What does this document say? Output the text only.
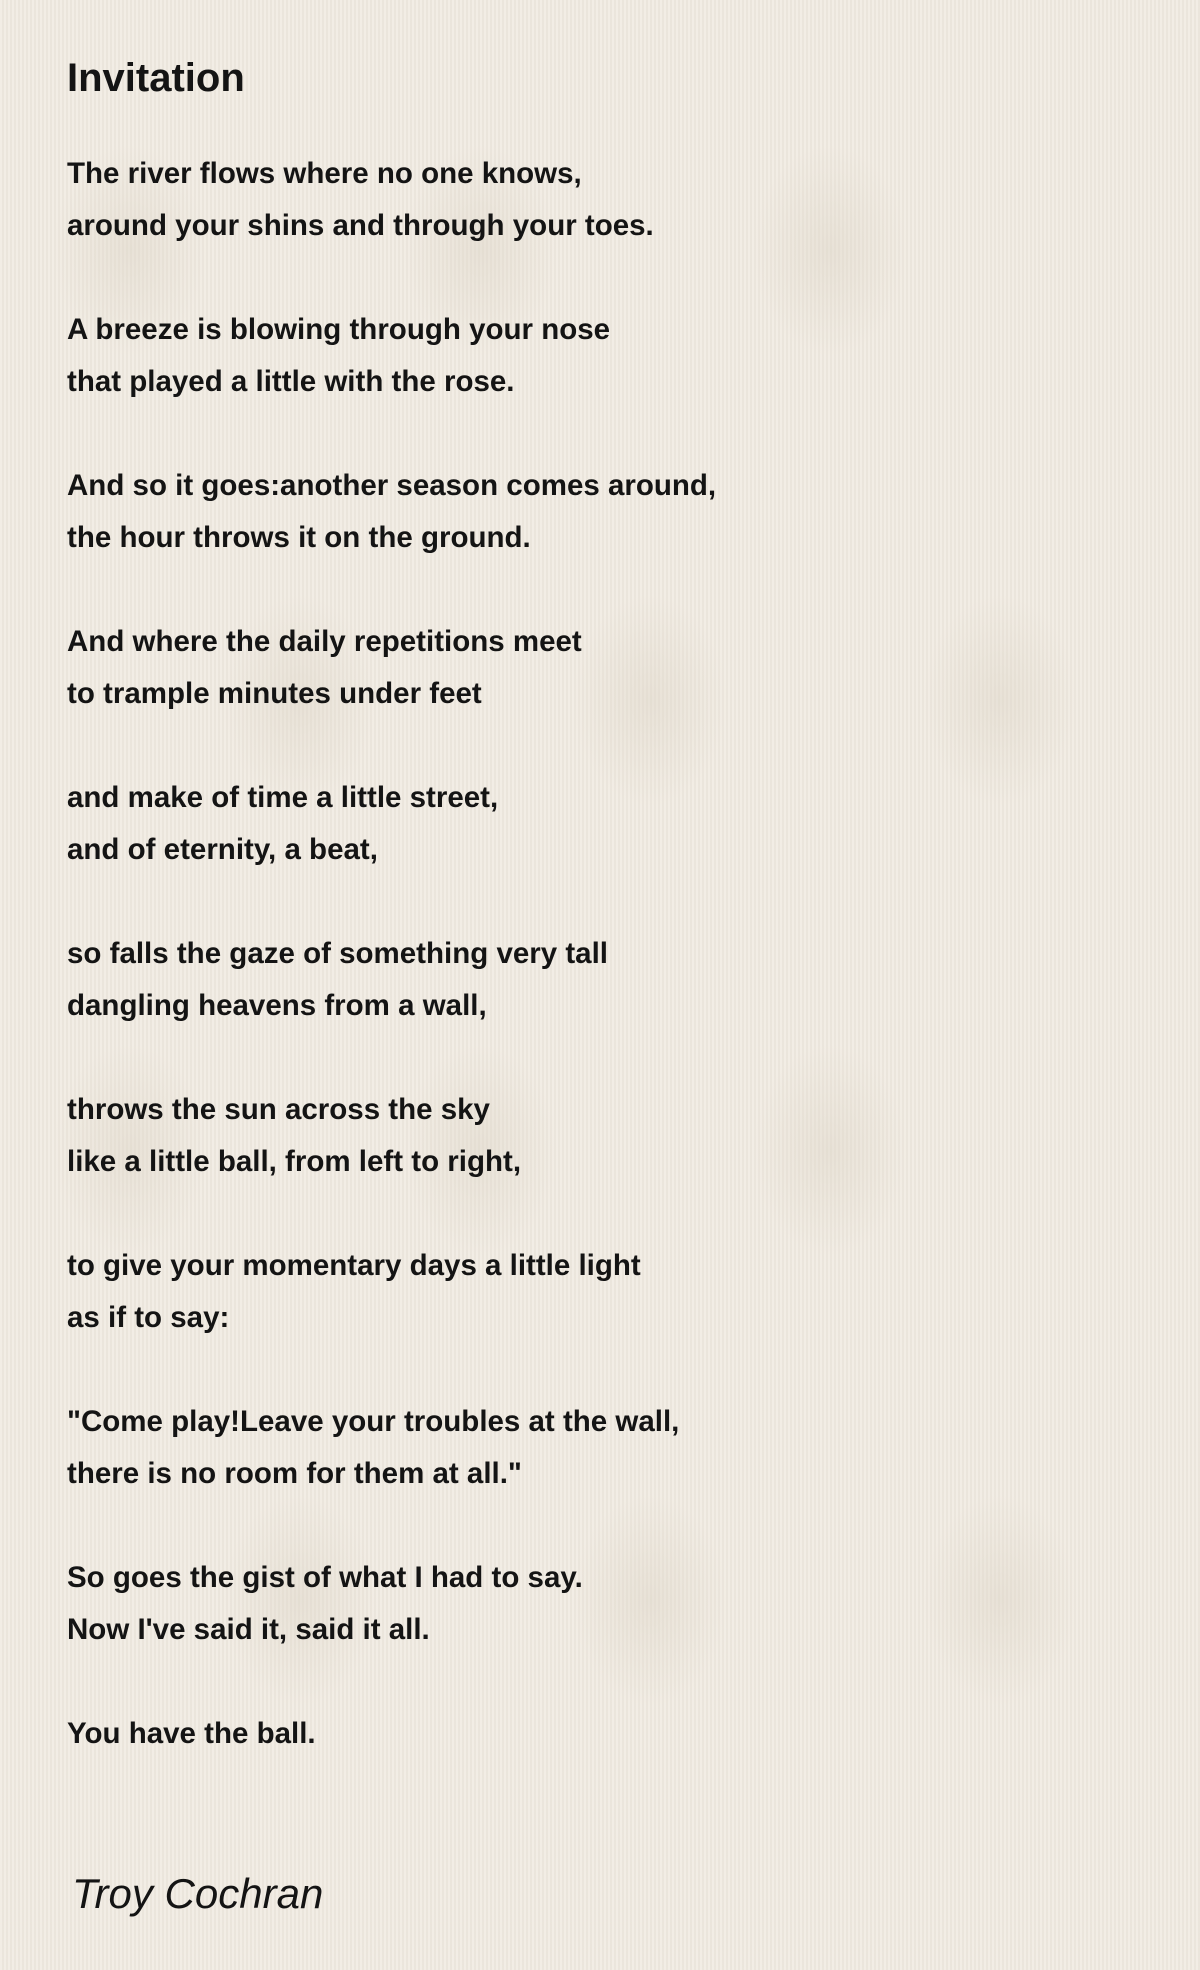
Invitation
The river flows where no one knows,
around your shins and through your toes.
A breeze is blowing through your nose
that played a little with the rose.
And so it goes:another season comes around,
the hour throws it on the ground.
And where the daily repetitions meet
to trample minutes under feet
and make of time a little street,
and of eternity, a beat,
so falls the gaze of something very tall
dangling heavens from a wall,
throws the sun across the sky
like a little ball, from left to right,
to give your momentary days a little light
as if to say:
"Come play!Leave your troubles at the wall,
there is no room for them at all."
So goes the gist of what I had to say.
Now I've said it, said it all.
You have the ball.

Troy Cochran
